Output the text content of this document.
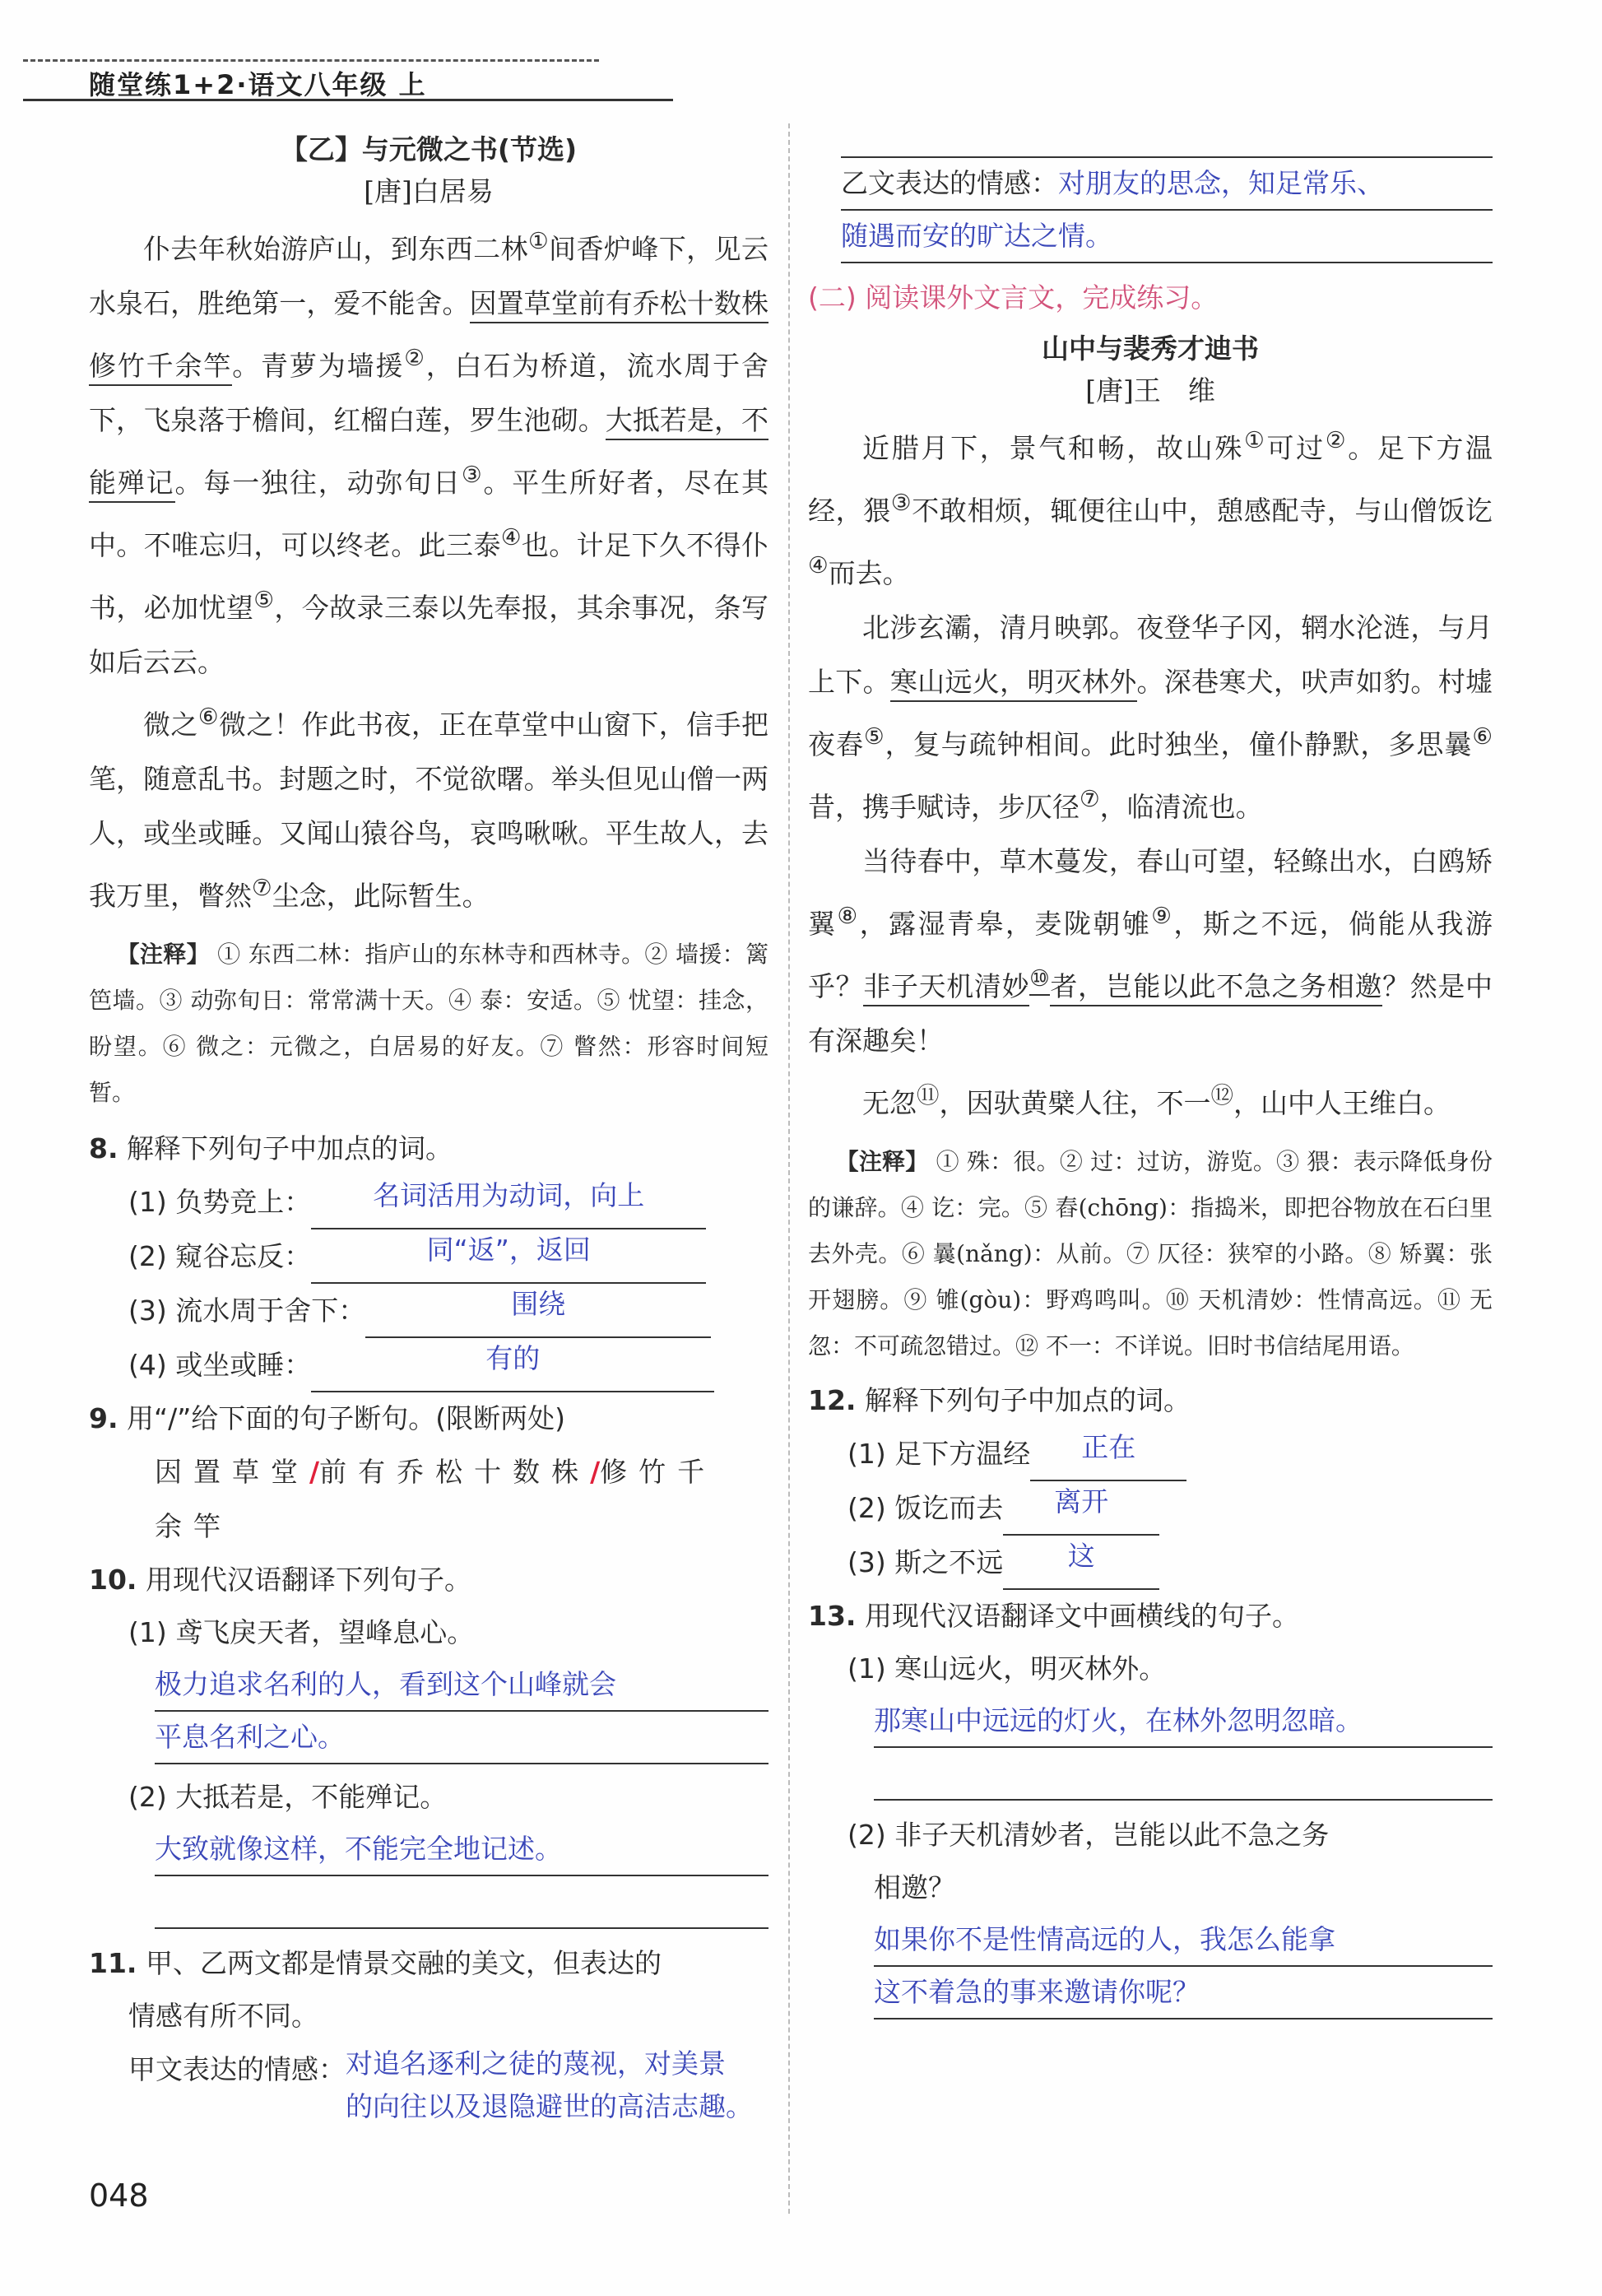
随堂练1+2·语文八年级 上
【乙】与元微之书(节选)
[唐]白居易

仆去年秋始游庐山，到东西二林①间香炉峰下，见云水泉石，胜绝第一，爱不能舍。因置草堂前有乔松十数株修竹千余竿。青萝为墙援②，白石为桥道，流水周于舍下，飞泉落于檐间，红榴白莲，罗生池砌。大抵若是，不能殚记。每一独往，动弥旬日③。平生所好者，尽在其中。不唯忘归，可以终老。此三泰④也。计足下久不得仆书，必加忧望⑤，今故录三泰以先奉报，其余事况，条写如后云云。

微之⑥微之！作此书夜，正在草堂中山窗下，信手把笔，随意乱书。封题之时，不觉欲曙。举头但见山僧一两人，或坐或睡。又闻山猿谷鸟，哀鸣啾啾。平生故人，去我万里，瞥然⑦尘念，此际暂生。

【注释】 ① 东西二林：指庐山的东林寺和西林寺。② 墙援：篱笆墙。③ 动弥旬日：常常满十天。④ 泰：安适。⑤ 忧望：挂念，盼望。⑥ 微之：元微之，白居易的好友。⑦ 瞥然：形容时间短暂。

8. 解释下列句子中加点的词。

(1) 负势竞上：	名词活用为动词，向上
(2) 窥谷忘反：	同“返”，返回
(3) 流水周于舍下：	围绕
(4) 或坐或睡：	有的

9. 用“/”给下面的句子断句。(限断两处)

因置草堂/前有乔松十数株/修竹千
余竿

10. 用现代汉语翻译下列句子。

(1) 鸢飞戾天者，望峰息心。

极力追求名利的人，看到这个山峰就会
平息名利之心。

(2) 大抵若是，不能殚记。

大致就像这样，不能完全地记述。

11. 甲、乙两文都是情景交融的美文，但表达的

情感有所不同。

甲文表达的情感： 对追名逐利之徒的蔑视，对美景
的向往以及退隐避世的高洁志趣。
乙文表达的情感： 对朋友的思念，知足常乐、
随遇而安的旷达之情。
(二) 阅读课外文言文，完成练习。
山中与裴秀才迪书
[唐]王　维

近腊月下，景气和畅，故山殊①可过②。足下方温经，猥③不敢相烦，辄便往山中，憩感配寺，与山僧饭讫④而去。

北涉玄灞，清月映郭。夜登华子冈，辋水沦涟，与月上下。寒山远火，明灭林外。深巷寒犬，吠声如豹。村墟夜舂⑤，复与疏钟相间。此时独坐，僮仆静默，多思曩⑥昔，携手赋诗，步仄径⑦，临清流也。

当待春中，草木蔓发，春山可望，轻鲦出水，白鸥矫翼⑧，露湿青皋，麦陇朝雊⑨，斯之不远，倘能从我游乎？非子天机清妙⑩者，岂能以此不急之务相邀？然是中有深趣矣！

无忽⑪，因驮黄檗人往，不一⑫，山中人王维白。

【注释】 ① 殊：很。② 过：过访，游览。③ 猥：表示降低身份的谦辞。④ 讫：完。⑤ 舂(chōng)：指捣米，即把谷物放在石臼里去外壳。⑥ 曩(nǎng)：从前。⑦ 仄径：狭窄的小路。⑧ 矫翼：张开翅膀。⑨ 雊(gòu)：野鸡鸣叫。⑩ 天机清妙：性情高远。⑪ 无忽：不可疏忽错过。⑫ 不一：不详说。旧时书信结尾用语。

12. 解释下列句子中加点的词。

(1) 足下方温经	正在
(2) 饭讫而去	离开
(3) 斯之不远	这

13. 用现代汉语翻译文中画横线的句子。

(1) 寒山远火，明灭林外。

那寒山中远远的灯火，在林外忽明忽暗。

(2) 非子天机清妙者，岂能以此不急之务

相邀？

如果你不是性情高远的人，我怎么能拿
这不着急的事来邀请你呢？
048
